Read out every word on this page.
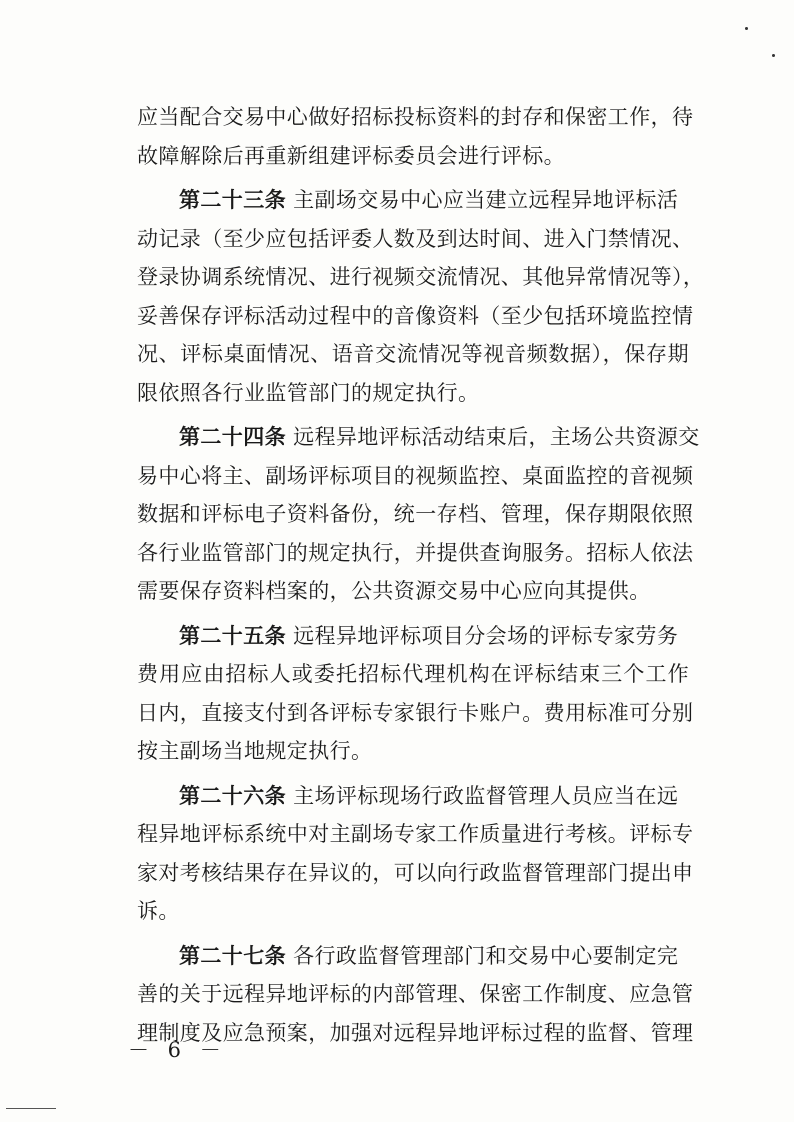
应当配合交易中心做好招标投标资料的封存和保密工作，待
故障解除后再重新组建评标委员会进行评标。
第二十三条 主副场交易中心应当建立远程异地评标活
动记录（至少应包括评委人数及到达时间、进入门禁情况、
登录协调系统情况、进行视频交流情况、其他异常情况等），
妥善保存评标活动过程中的音像资料（至少包括环境监控情
况、评标桌面情况、语音交流情况等视音频数据），保存期
限依照各行业监管部门的规定执行。
第二十四条 远程异地评标活动结束后，主场公共资源交
易中心将主、副场评标项目的视频监控、桌面监控的音视频
数据和评标电子资料备份，统一存档、管理，保存期限依照
各行业监管部门的规定执行，并提供查询服务。招标人依法
需要保存资料档案的，公共资源交易中心应向其提供。
第二十五条 远程异地评标项目分会场的评标专家劳务
费用应由招标人或委托招标代理机构在评标结束三个工作
日内，直接支付到各评标专家银行卡账户。费用标准可分别
按主副场当地规定执行。
第二十六条 主场评标现场行政监督管理人员应当在远
程异地评标系统中对主副场专家工作质量进行考核。评标专
家对考核结果存在异议的，可以向行政监督管理部门提出申
诉。
第二十七条 各行政监督管理部门和交易中心要制定完
善的关于远程异地评标的内部管理、保密工作制度、应急管
理制度及应急预案，加强对远程异地评标过程的监督、管理
－ 6 －
